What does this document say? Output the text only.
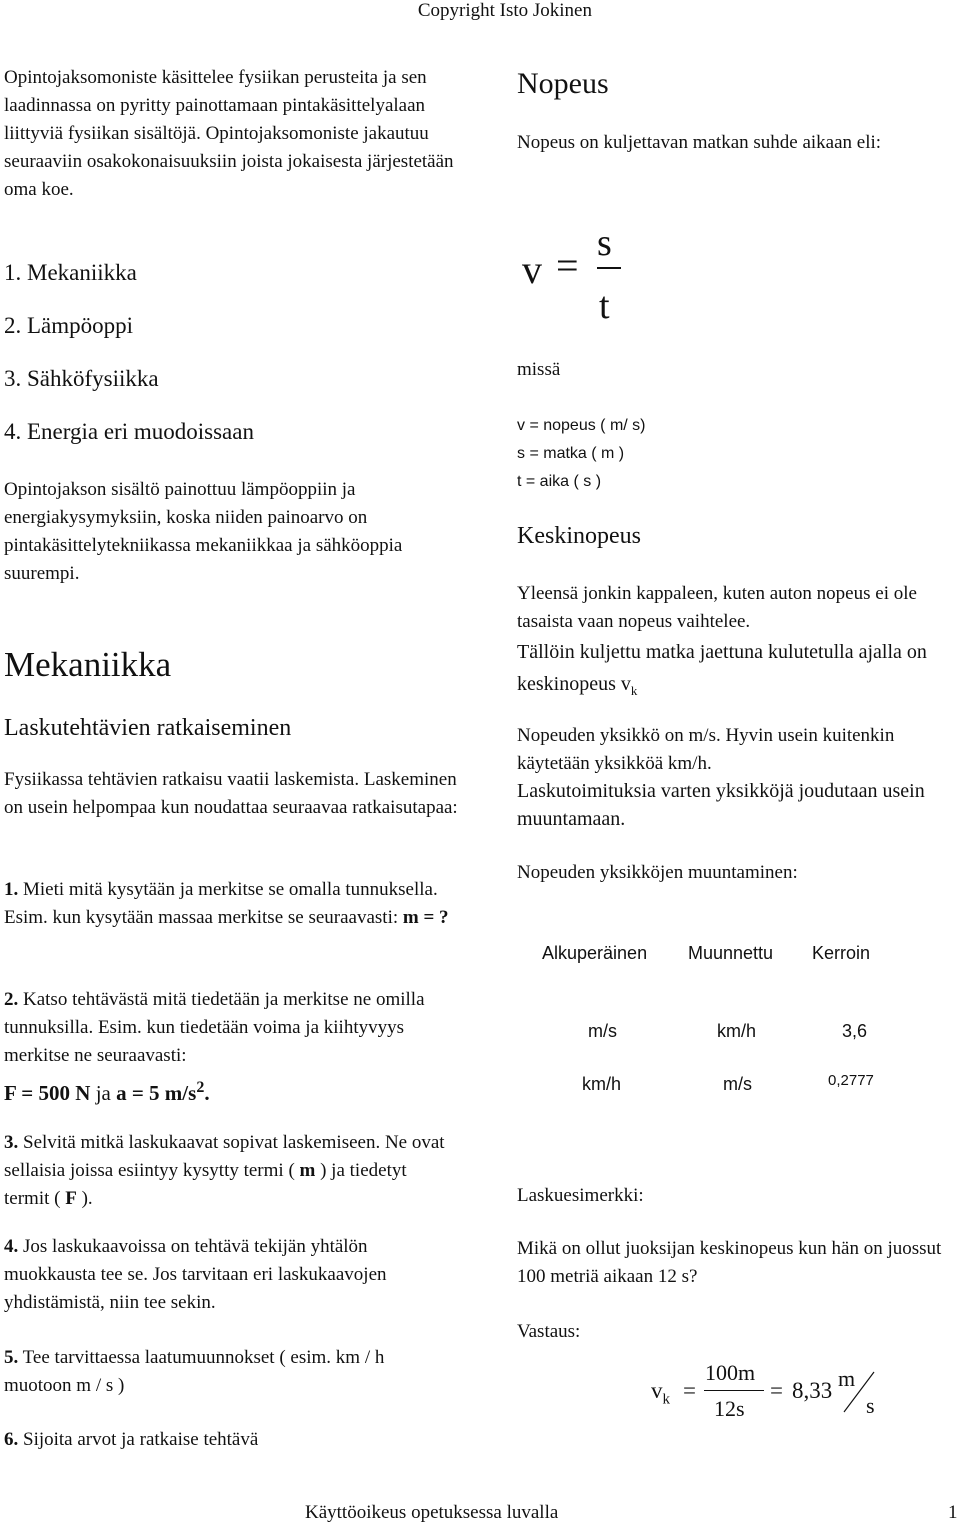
Copyright Isto Jokinen
Opintojaksomoniste käsittelee fysiikan perusteita ja sen laadinnassa on pyritty painottamaan pintakäsittelyalaan liittyviä fysiikan sisältöjä. Opintojaksomoniste jakautuu seuraaviin osakokonaisuuksiin joista jokaisesta järjestetään oma koe.
1. Mekaniikka
2. Lämpöoppi
3. Sähköfysiikka
4. Energia eri muodoissaan
Opintojakson sisältö painottuu lämpöoppiin ja energiakysymyksiin, koska niiden painoarvo on pintakäsittelytekniikassa mekaniikkaa ja sähköoppia suurempi.
Mekaniikka
Laskutehtävien ratkaiseminen
Fysiikassa tehtävien ratkaisu vaatii laskemista. Laskeminen on usein helpompaa kun noudattaa seuraavaa ratkaisutapaa:
1. Mieti mitä kysytään ja merkitse se omalla tunnuksella. Esim. kun kysytään massaa merkitse se seuraavasti: m = ?
2. Katso tehtävästä mitä tiedetään ja merkitse ne omilla tunnuksilla. Esim. kun tiedetään voima ja kiihtyvyys merkitse ne seuraavasti:
F = 500 N ja a = 5 $m/s^2$.
3. Selvitä mitkä laskukaavat sopivat laskemiseen. Ne ovat sellaisia joissa esiintyy kysytty termi ( m ) ja tiedetyt termit ( F ).
4. Jos laskukaavoissa on tehtävä tekijän yhtälön muokkausta tee se. Jos tarvitaan eri laskukaavojen yhdistämistä, niin tee sekin.
5. Tee tarvittaessa laatumuunnokset ( esim. km / h muotoon m / s )
6. Sijoita arvot ja ratkaise tehtävä
Nopeus
Nopeus on kuljettavan matkan suhde aikaan eli:
v = s
t
missä
v = nopeus ( m/ s)
s = matka ( m )
t = aika ( s )
Keskinopeus
Yleensä jonkin kappaleen, kuten auton nopeus ei ole tasaista vaan nopeus vaihtelee.
Tällöin kuljettu matka jaettuna kulutetulla ajalla on keskinopeus $v_k$
Nopeuden yksikkö on m/s. Hyvin usein kuitenkin käytetään yksikköä km/h.
Laskutoimituksia varten yksikköjä joudutaan usein muuntamaan.
Nopeuden yksikköjen muuntaminen:
Alkuperäinen Muunnettu Kerroin
m/s	km/h	3,6
km/h	m/s	0,2777
Laskuesimerkki:
Mikä on ollut juoksijan keskinopeus kun hän on juossut 100 metriä aikaan 12 s?
Vastaus:
$v_k$ =
100m
12s
= 8,33 m
s
Käyttöoikeus opetuksessa luvalla	1
